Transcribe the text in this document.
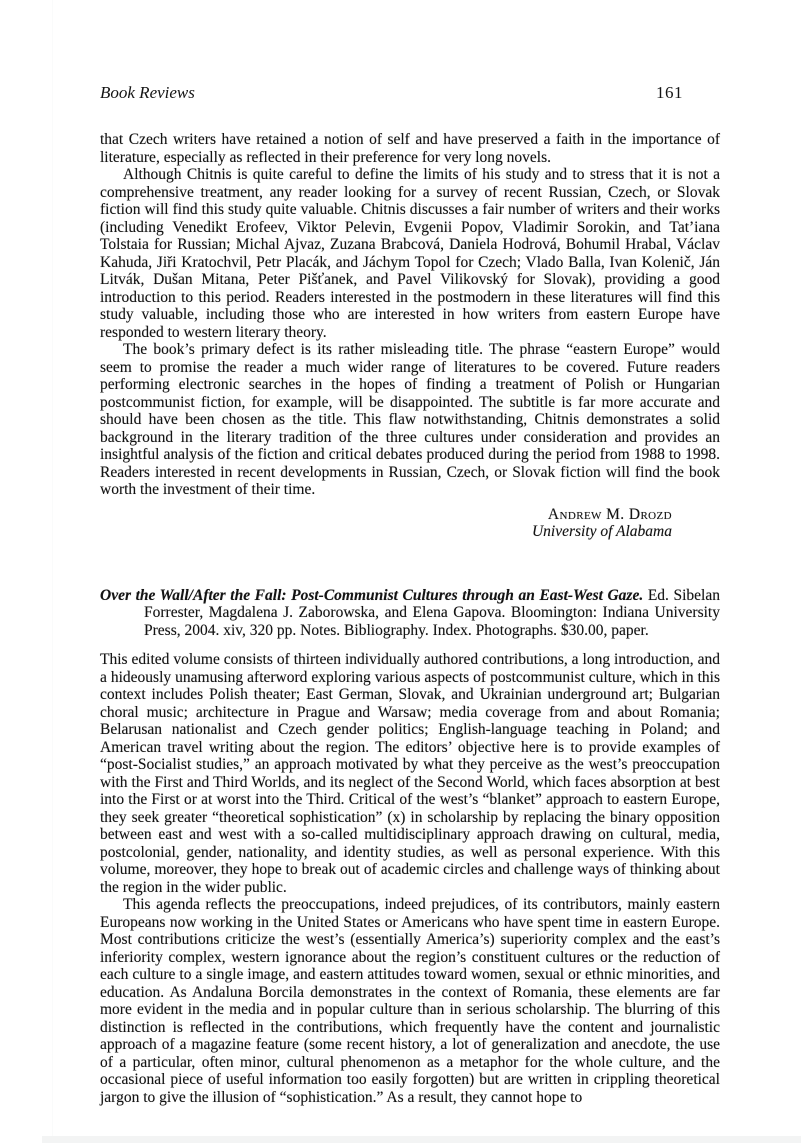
Book Reviews	161

that Czech writers have retained a notion of self and have preserved a faith in the importance of literature, especially as reflected in their preference for very long novels.

Although Chitnis is quite careful to define the limits of his study and to stress that it is not a comprehensive treatment, any reader looking for a survey of recent Russian, Czech, or Slovak fiction will find this study quite valuable. Chitnis discusses a fair number of writers and their works (including Venedikt Erofeev, Viktor Pelevin, Evgenii Popov, Vladimir Sorokin, and Tat’iana Tolstaia for Russian; Michal Ajvaz, Zuzana Brabcová, Daniela Hodrová, Bohumil Hrabal, Václav Kahuda, Jiři Kratochvil, Petr Placák, and Jáchym Topol for Czech; Vlado Balla, Ivan Kolenič, Ján Litvák, Dušan Mitana, Peter Pišťanek, and Pavel Vilikovský for Slovak), providing a good introduction to this period. Readers interested in the postmodern in these literatures will find this study valuable, including those who are interested in how writers from eastern Europe have responded to western literary theory.

The book’s primary defect is its rather misleading title. The phrase “eastern Europe” would seem to promise the reader a much wider range of literatures to be covered. Future readers performing electronic searches in the hopes of finding a treatment of Polish or Hungarian postcommunist fiction, for example, will be disappointed. The subtitle is far more accurate and should have been chosen as the title. This flaw notwithstanding, Chitnis demonstrates a solid background in the literary tradition of the three cultures under consideration and provides an insightful analysis of the fiction and critical debates produced during the period from 1988 to 1998. Readers interested in recent developments in Russian, Czech, or Slovak fiction will find the book worth the investment of their time.

Andrew M. Drozd
University of Alabama

Over the Wall/After the Fall: Post-Communist Cultures through an East-West Gaze. Ed. Sibelan Forrester, Magdalena J. Zaborowska, and Elena Gapova. Bloomington: Indiana University Press, 2004. xiv, 320 pp. Notes. Bibliography. Index. Photographs. $30.00, paper.

This edited volume consists of thirteen individually authored contributions, a long introduction, and a hideously unamusing afterword exploring various aspects of postcommunist culture, which in this context includes Polish theater; East German, Slovak, and Ukrainian underground art; Bulgarian choral music; architecture in Prague and Warsaw; media coverage from and about Romania; Belarusan nationalist and Czech gender politics; English-language teaching in Poland; and American travel writing about the region. The editors’ objective here is to provide examples of “post-Socialist studies,” an approach motivated by what they perceive as the west’s preoccupation with the First and Third Worlds, and its neglect of the Second World, which faces absorption at best into the First or at worst into the Third. Critical of the west’s “blanket” approach to eastern Europe, they seek greater “theoretical sophistication” (x) in scholarship by replacing the binary opposition between east and west with a so-called multidisciplinary approach drawing on cultural, media, postcolonial, gender, nationality, and identity studies, as well as personal experience. With this volume, moreover, they hope to break out of academic circles and challenge ways of thinking about the region in the wider public.

This agenda reflects the preoccupations, indeed prejudices, of its contributors, mainly eastern Europeans now working in the United States or Americans who have spent time in eastern Europe. Most contributions criticize the west’s (essentially America’s) superiority complex and the east’s inferiority complex, western ignorance about the region’s constituent cultures or the reduction of each culture to a single image, and eastern attitudes toward women, sexual or ethnic minorities, and education. As Andaluna Borcila demonstrates in the context of Romania, these elements are far more evident in the media and in popular culture than in serious scholarship. The blurring of this distinction is reflected in the contributions, which frequently have the content and journalistic approach of a magazine feature (some recent history, a lot of generalization and anecdote, the use of a particular, often minor, cultural phenomenon as a metaphor for the whole culture, and the occasional piece of useful information too easily forgotten) but are written in crippling theoretical jargon to give the illusion of “sophistication.” As a result, they cannot hope to
